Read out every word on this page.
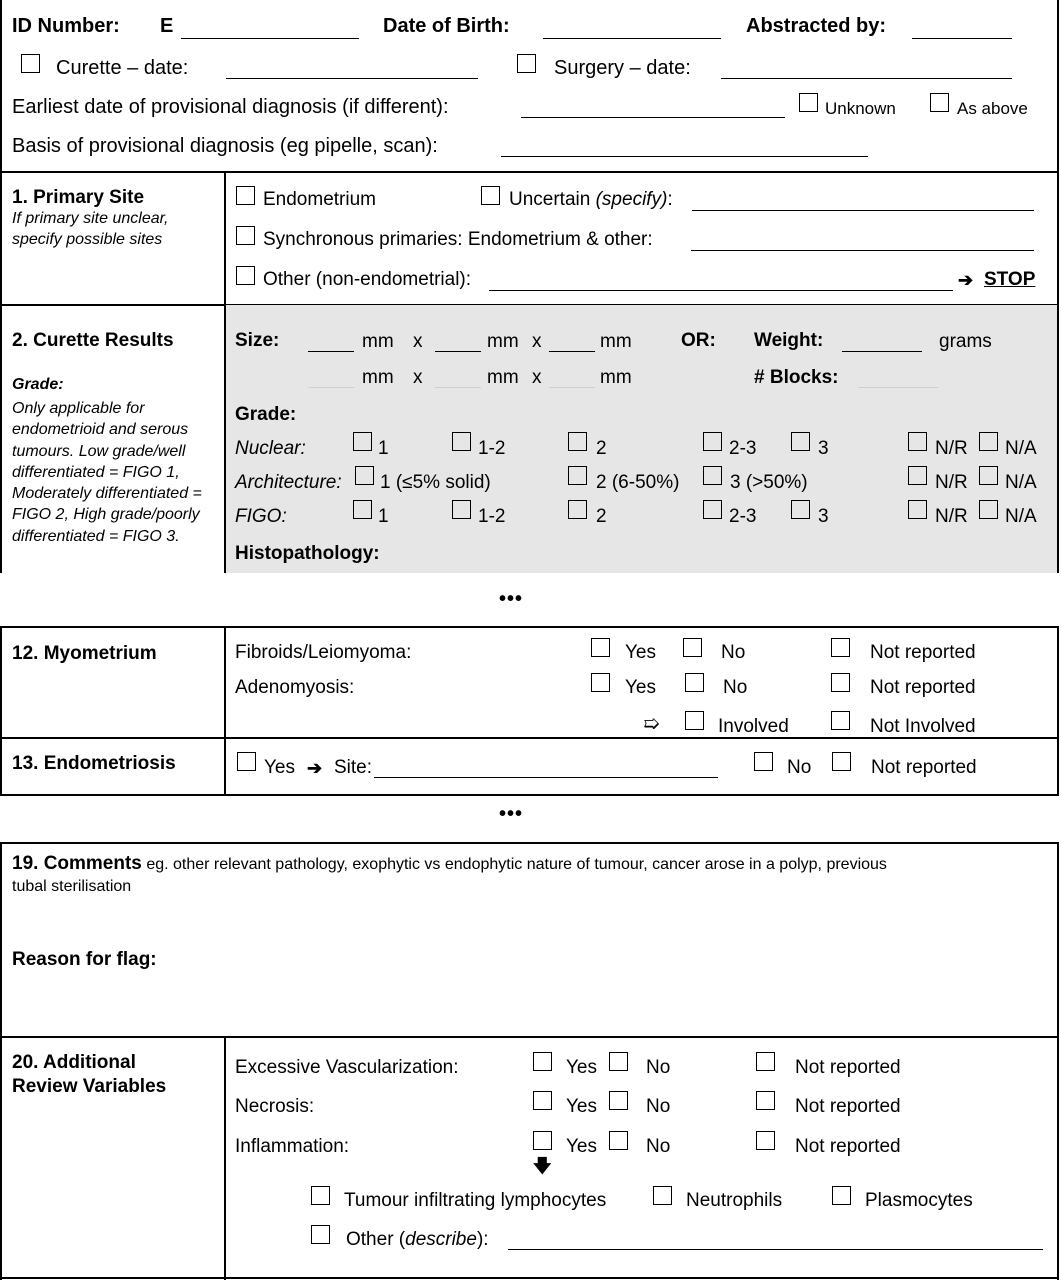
ID Number: E	Date of Birth:	Abstracted by:
Curette – date:	Surgery – date:
Earliest date of provisional diagnosis (if different):	Unknown	As above
Basis of provisional diagnosis (eg pipelle, scan):
1. Primary Site
If primary site unclear, specify possible sites
Endometrium	Uncertain (specify):
Synchronous primaries: Endometrium & other:
Other (non-endometrial):	➔ STOP
2. Curette Results
Grade:
Only applicable for endometrioid and serous tumours. Low grade/well differentiated = FIGO 1, Moderately differentiated = FIGO 2, High grade/poorly differentiated = FIGO 3.
Size:	mm x	mm x	mm	OR: Weight:	grams
mm x	mm x	mm	# Blocks:
Grade:
Nuclear:	1	1-2	2	2-3	3	N/R N/A
Architecture: 1 (≤5% solid)	2 (6-50%)	3 (>50%)	N/R N/A
FIGO:	1	1-2	2	2-3	3	N/R N/A
Histopathology:
•••
12. Myometrium	Fibroids/Leiomyoma:	Yes	No	Not reported
Adenomyosis:	Yes	No	Not reported
➯	Involved	Not Involved
13. Endometriosis	Yes ➔ Site:	No	Not reported
•••
19. Comments eg. other relevant pathology, exophytic vs endophytic nature of tumour, cancer arose in a polyp, previous
tubal sterilisation
Reason for flag:
20. Additional
Review Variables
Excessive Vascularization:	Yes	No	Not reported
Necrosis:	Yes	No	Not reported
Inflammation:	Yes	No	Not reported
🡇
Tumour infiltrating lymphocytes	Neutrophils	Plasmocytes
Other (describe):
